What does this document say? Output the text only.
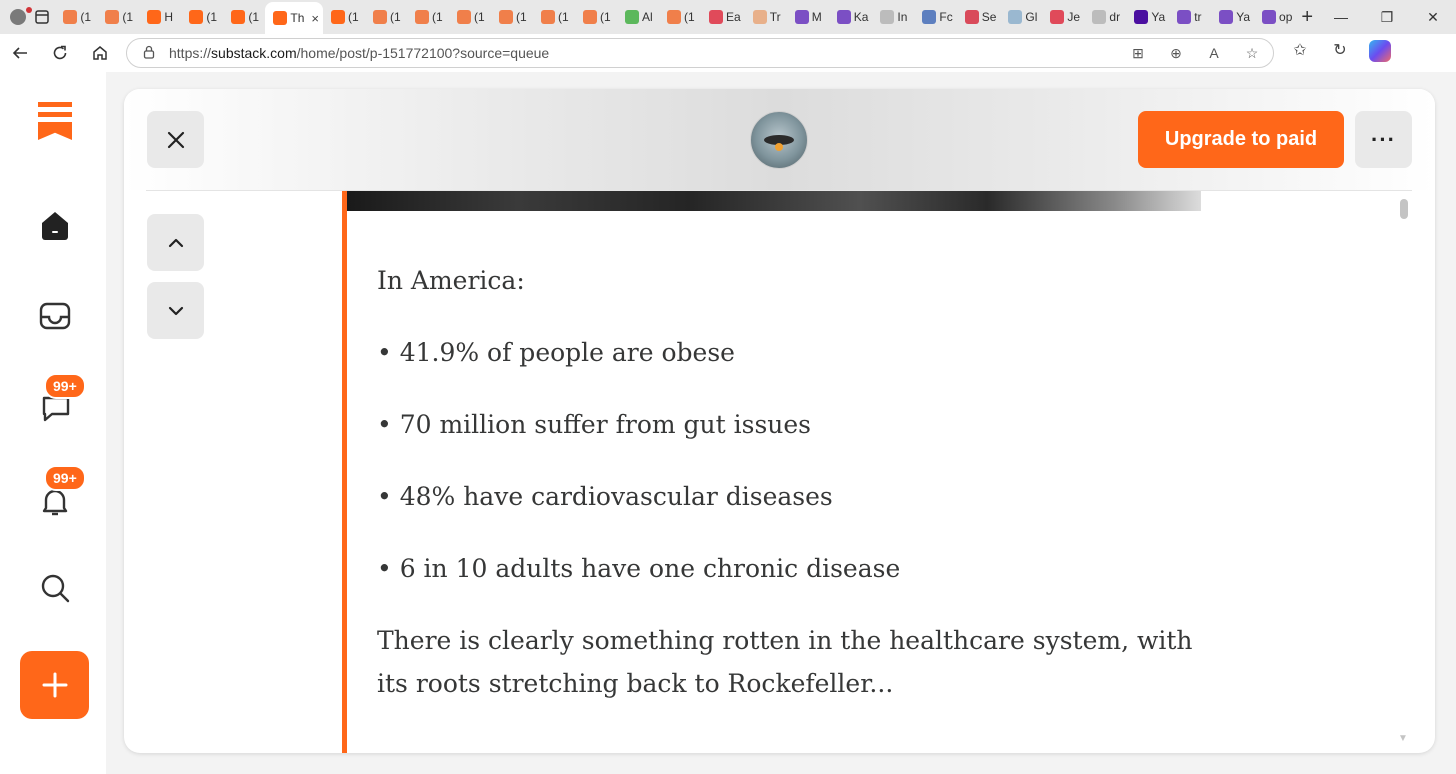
(1	(1	H	(1	(1	Th × (1	(1	(1	(1	(1	(1	(1	Al	(1	Ea Tr	M	Ka In	Fc Se Gl	Je dr	Ya tr	Ya op +	—	❐	✕
https://substack.com/home/post/p-151772100?source=queue	⊞	⊕	A	☆	✩	↻
99+
99+
Upgrade to paid	···

In America:

• 41.9% of people are obese

• 70 million suffer from gut issues

• 48% have cardiovascular diseases

• 6 in 10 adults have one chronic disease

There is clearly something rotten in the healthcare system, with its roots stretching back to Rockefeller...

▼
